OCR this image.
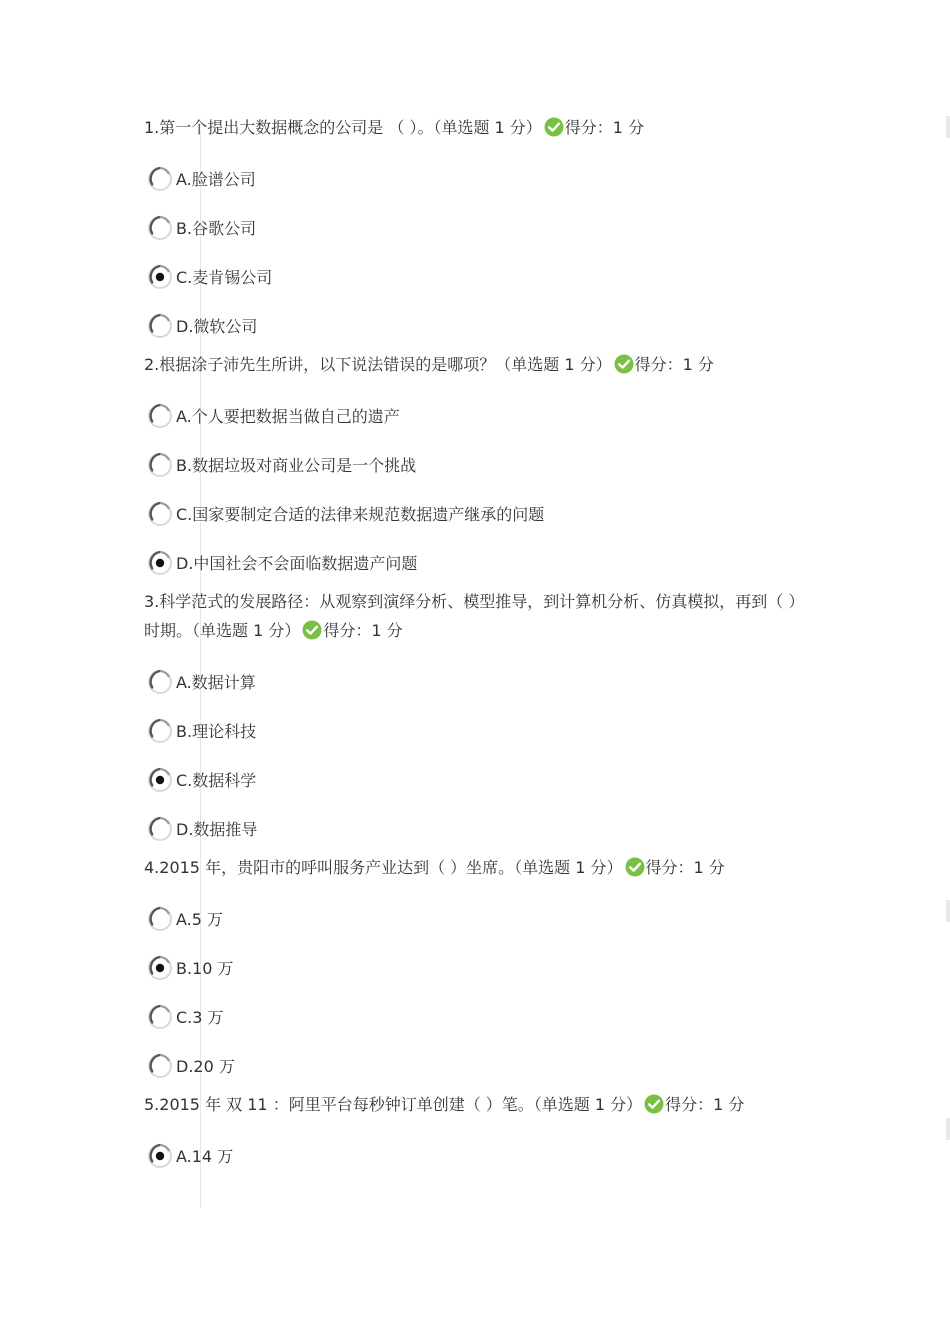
1.第一个提出大数据概念的公司是 （ ）。（单选题 1 分） 得分：1 分

A.脸谱公司
B.谷歌公司
C.麦肯锡公司
D.微软公司

2.根据涂子沛先生所讲，以下说法错误的是哪项？（单选题 1 分） 得分：1 分

A.个人要把数据当做自己的遗产
B.数据垃圾对商业公司是一个挑战
C.国家要制定合适的法律来规范数据遗产继承的问题
D.中国社会不会面临数据遗产问题

3.科学范式的发展路径：从观察到演绎分析、模型推导，到计算机分析、仿真模拟，再到（ ）时期。（单选题 1 分） 得分：1 分

A.数据计算
B.理论科技
C.数据科学
D.数据推导

4.2015 年，贵阳市的呼叫服务产业达到（ ）坐席。（单选题 1 分） 得分：1 分

A.5 万
B.10 万
C.3 万
D.20 万

5.2015 年 双 11 ：阿里平台每秒钟订单创建（ ）笔。（单选题 1 分） 得分：1 分

A.14 万
